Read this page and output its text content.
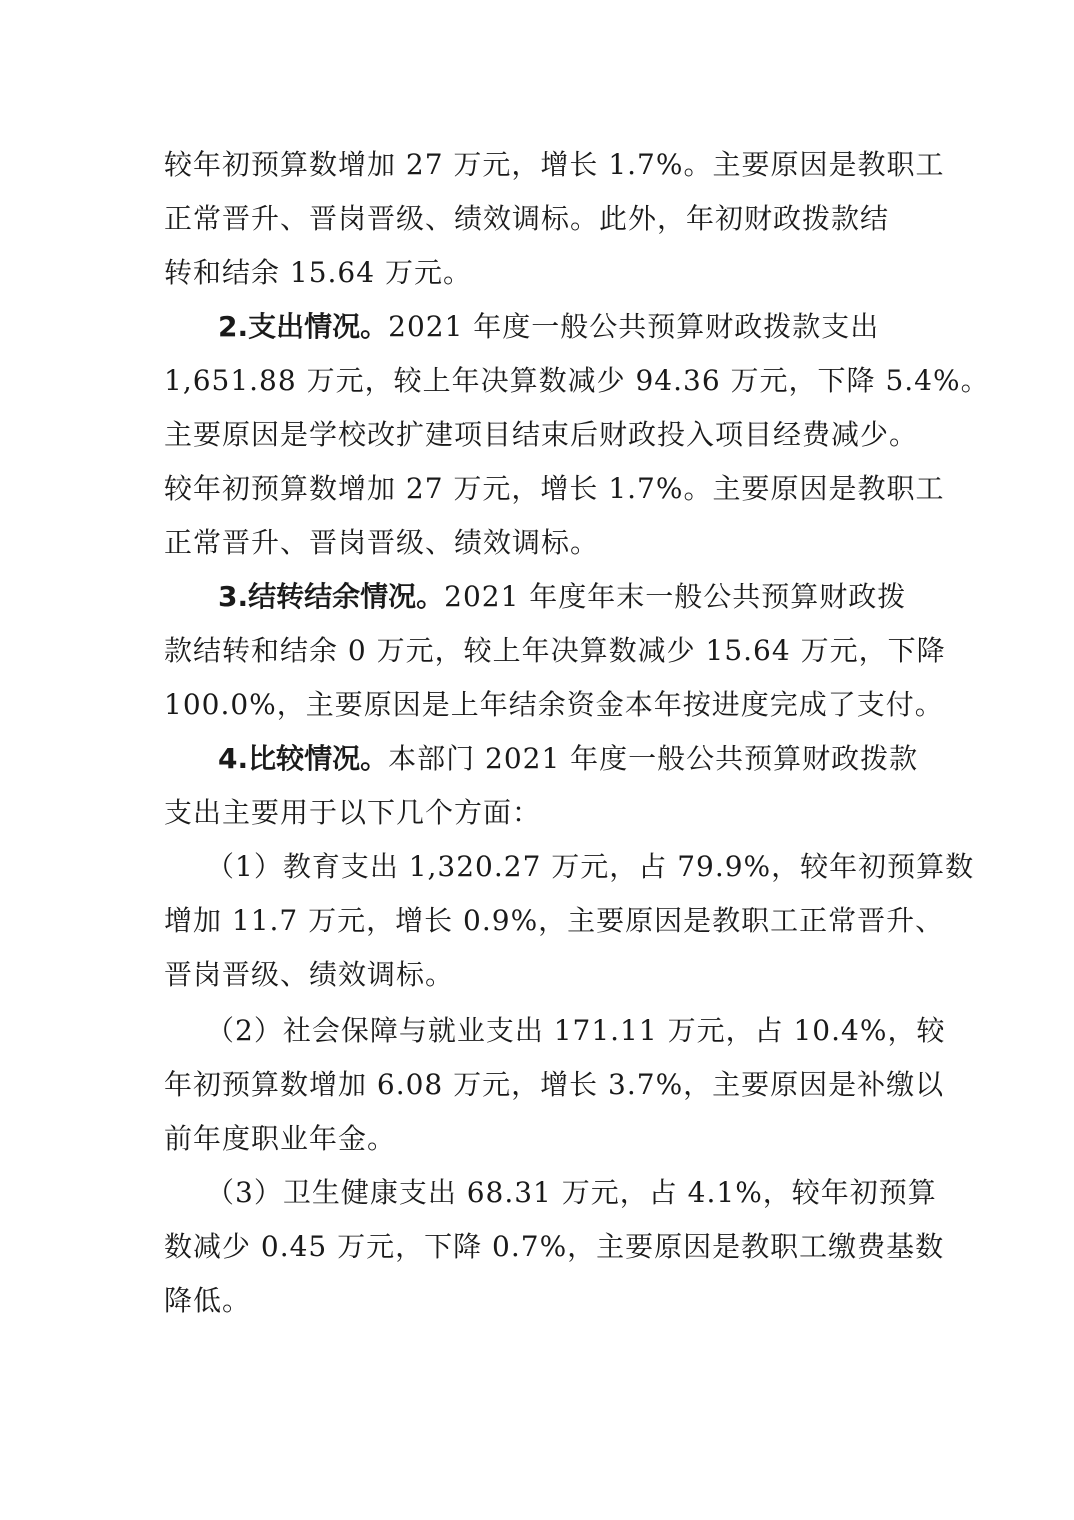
较年初预算数增加 27 万元，增长 1.7%。主要原因是教职工
正常晋升、晋岗晋级、绩效调标。此外，年初财政拨款结
转和结余 15.64 万元。
2.支出情况。2021 年度一般公共预算财政拨款支出
1,651.88 万元，较上年决算数减少 94.36 万元，下降 5.4%。
主要原因是学校改扩建项目结束后财政投入项目经费减少。
较年初预算数增加 27 万元，增长 1.7%。主要原因是教职工
正常晋升、晋岗晋级、绩效调标。
3.结转结余情况。2021 年度年末一般公共预算财政拨
款结转和结余 0 万元，较上年决算数减少 15.64 万元，下降
100.0%，主要原因是上年结余资金本年按进度完成了支付。
4.比较情况。本部门 2021 年度一般公共预算财政拨款
支出主要用于以下几个方面：
（1）教育支出 1,320.27 万元，占 79.9%，较年初预算数
增加 11.7 万元，增长 0.9%，主要原因是教职工正常晋升、
晋岗晋级、绩效调标。
（2）社会保障与就业支出 171.11 万元，占 10.4%，较
年初预算数增加 6.08 万元，增长 3.7%，主要原因是补缴以
前年度职业年金。
（3）卫生健康支出 68.31 万元，占 4.1%，较年初预算
数减少 0.45 万元，下降 0.7%，主要原因是教职工缴费基数
降低。
